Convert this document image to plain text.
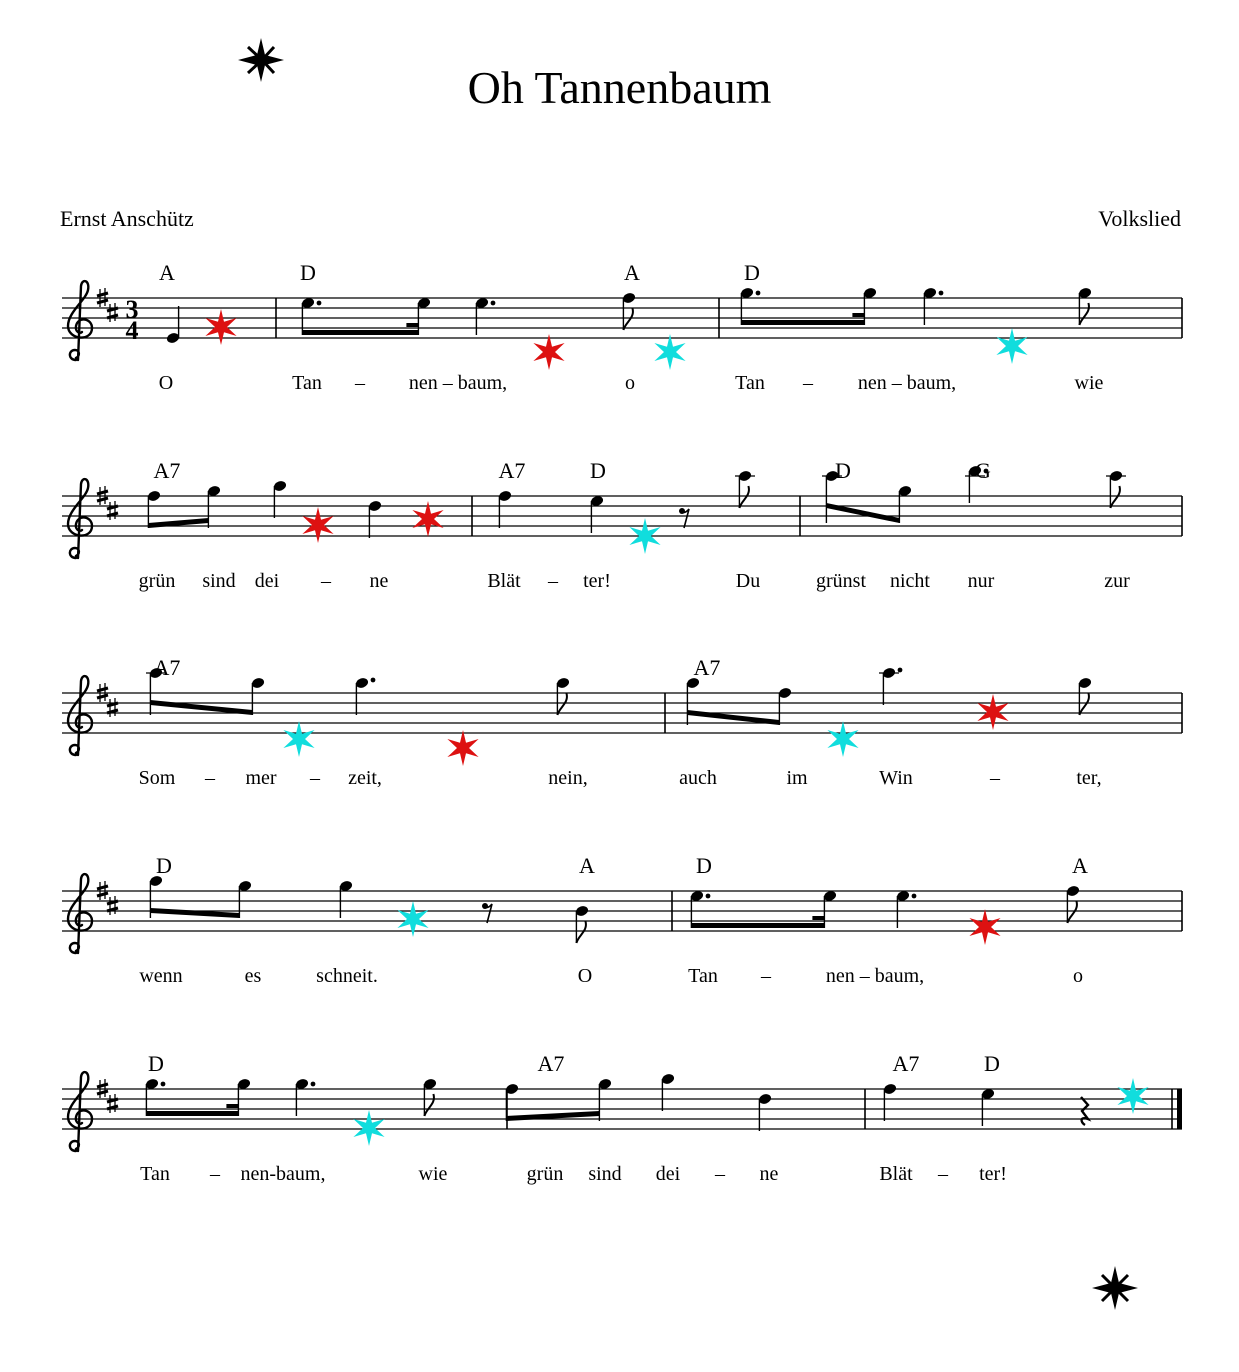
Oh Tannenbaum
Ernst Anschütz	Volkslied
3
4
A	D	A	D
O	Tan – nen – baum,	o	Tan – nen – baum,	wie
A7	A7	D	D	G
grün sind dei – ne	Blät – ter!	Du	grünst nicht nur	zur
A7	A7
Som – mer – zeit,	nein,	auch	im	Win	–	ter,
D	A	D	A
wenn	es	schneit.	O	Tan –	nen – baum,	o
D	A7	A7	D
Tan – nen-baum,	wie	grün sind dei – ne	Blät – ter!
